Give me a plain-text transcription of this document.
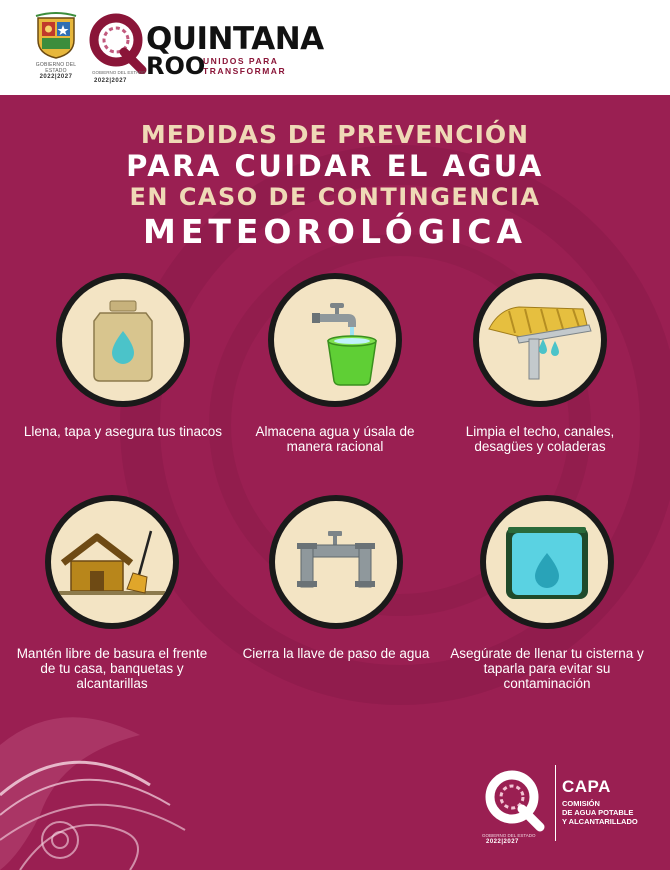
GOBIERNO DEL ESTADO
2022|2027
QUINTANA
ROO
UNIDOS PARA
TRANSFORMAR
GOBIERNO DEL ESTADO
2022|2027
MEDIDAS DE PREVENCIÓN
PARA CUIDAR EL AGUA
EN CASO DE CONTINGENCIA
METEOROLÓGICA
Llena, tapa y asegura tus tinacos	Almacena agua y úsala de manera racional
Limpia el techo, canales, desagües y coladeras
Mantén libre de basura el frente de tu casa, banquetas y alcantarillas
Cierra la llave de paso de agua	Asegúrate de llenar tu cisterna y taparla para evitar su contaminación
GOBIERNO DEL ESTADO
2022|2027
CAPA
COMISIÓN
DE AGUA POTABLE
Y ALCANTARILLADO
